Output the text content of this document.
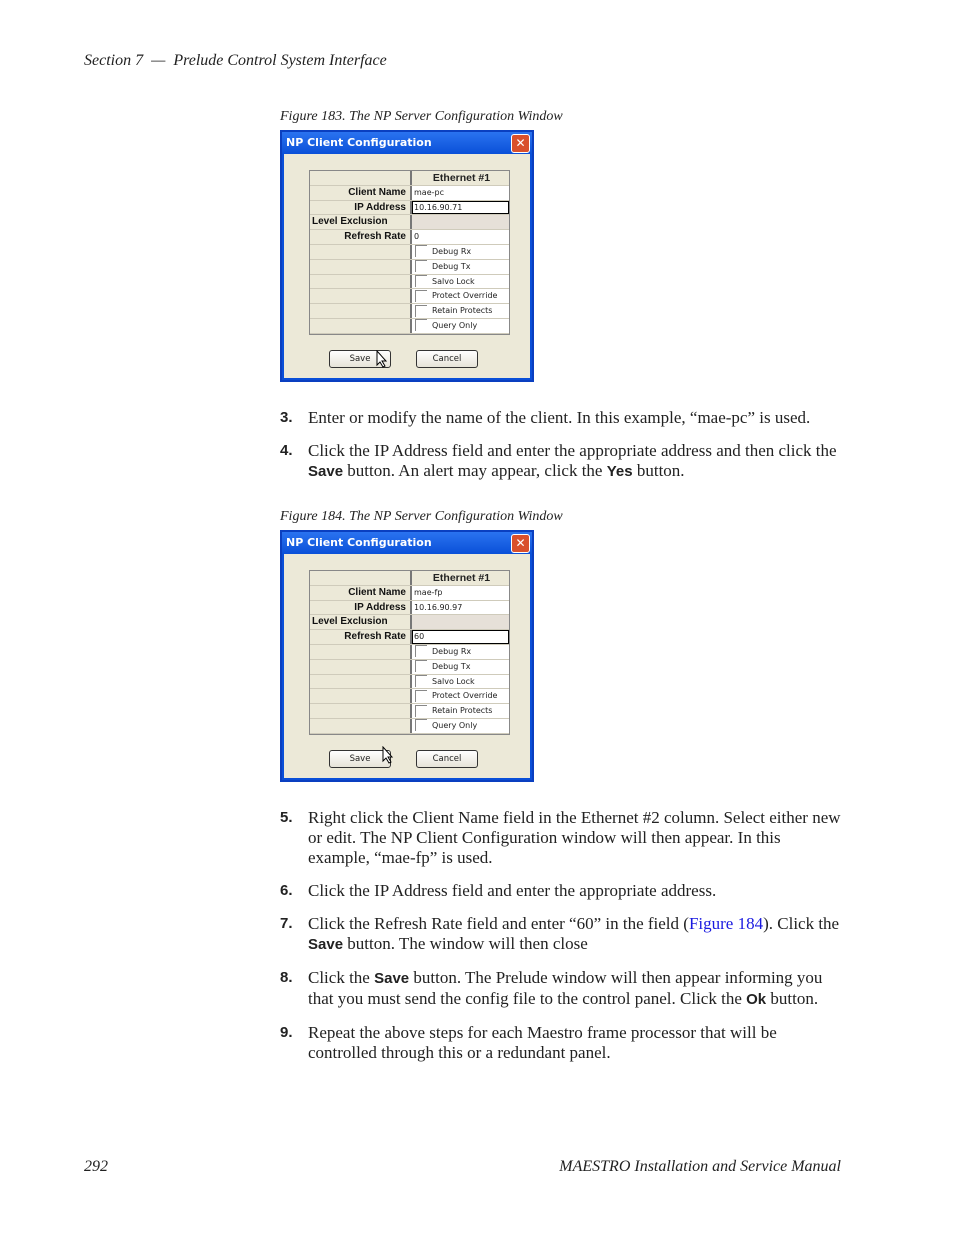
Section 7 — Prelude Control System Interface
Figure 183. The NP Server Configuration Window
NP Client Configuration	✕
Ethernet #1
Client Name	mae-pc
IP Address	10.16.90.71
Level Exclusion
Refresh Rate	0
Debug Rx
Debug Tx
Salvo Lock
Protect Override
Retain Protects
Query Only
Save	Cancel
3. Enter or modify the name of the client. In this example, “mae-pc” is used.
4. Click the IP Address field and enter the appropriate address and then click the Save button. An alert may appear, click the Yes button.
Figure 184. The NP Server Configuration Window
NP Client Configuration	✕
Ethernet #1
Client Name	mae-fp
IP Address	10.16.90.97
Level Exclusion
Refresh Rate	60
Debug Rx
Debug Tx
Salvo Lock
Protect Override
Retain Protects
Query Only
Save	Cancel
5. Right click the Client Name field in the Ethernet #2 column. Select either new or edit. The NP Client Configuration window will then appear. In this example, “mae-fp” is used.
6. Click the IP Address field and enter the appropriate address.
7. Click the Refresh Rate field and enter “60” in the field (Figure 184). Click the Save button. The window will then close
8. Click the Save button. The Prelude window will then appear informing you that you must send the config file to the control panel. Click the Ok button.
9. Repeat the above steps for each Maestro frame processor that will be controlled through this or a redundant panel.
292	MAESTRO Installation and Service Manual
